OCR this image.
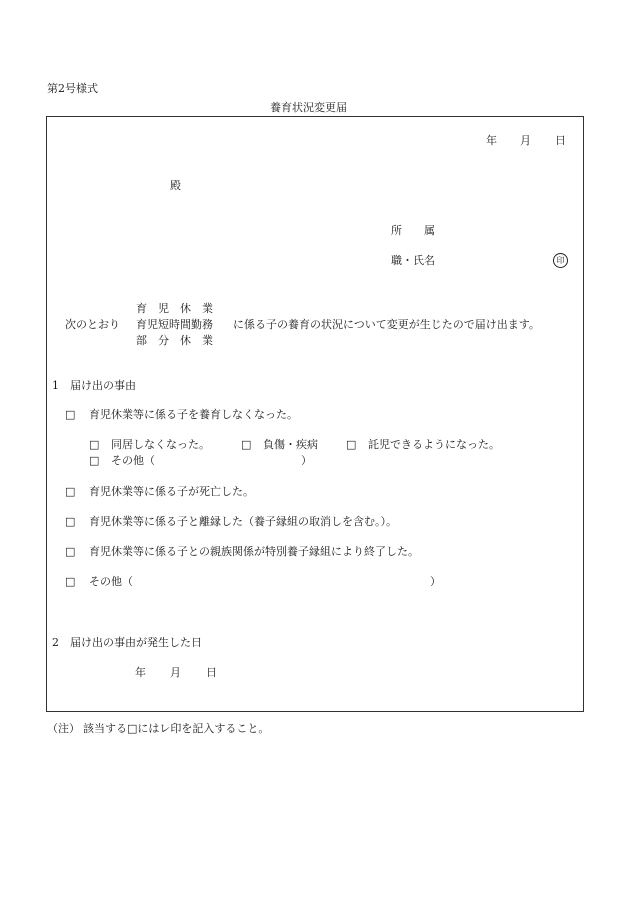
第2号様式
養育状況変更届
年 月 日
殿
所　　属
職・氏名	印
育　児　休　業
次のとおり 育児短時間勤務 に係る子の養育の状況について変更が生じたので届け出ます。
部　分　休　業
1　届け出の事由
□ 育児休業等に係る子を養育しなくなった。
□ 同居しなくなった。	□ 負傷・疾病	□ 託児できるようになった。
□ その他（	）
□ 育児休業等に係る子が死亡した。
□ 育児休業等に係る子と離縁した（養子縁組の取消しを含む。）。
□ 育児休業等に係る子との親族関係が特別養子縁組により終了した。
□ その他（	）
2　届け出の事由が発生した日
年 月 日
（注） 該当する□にはレ印を記入すること。
